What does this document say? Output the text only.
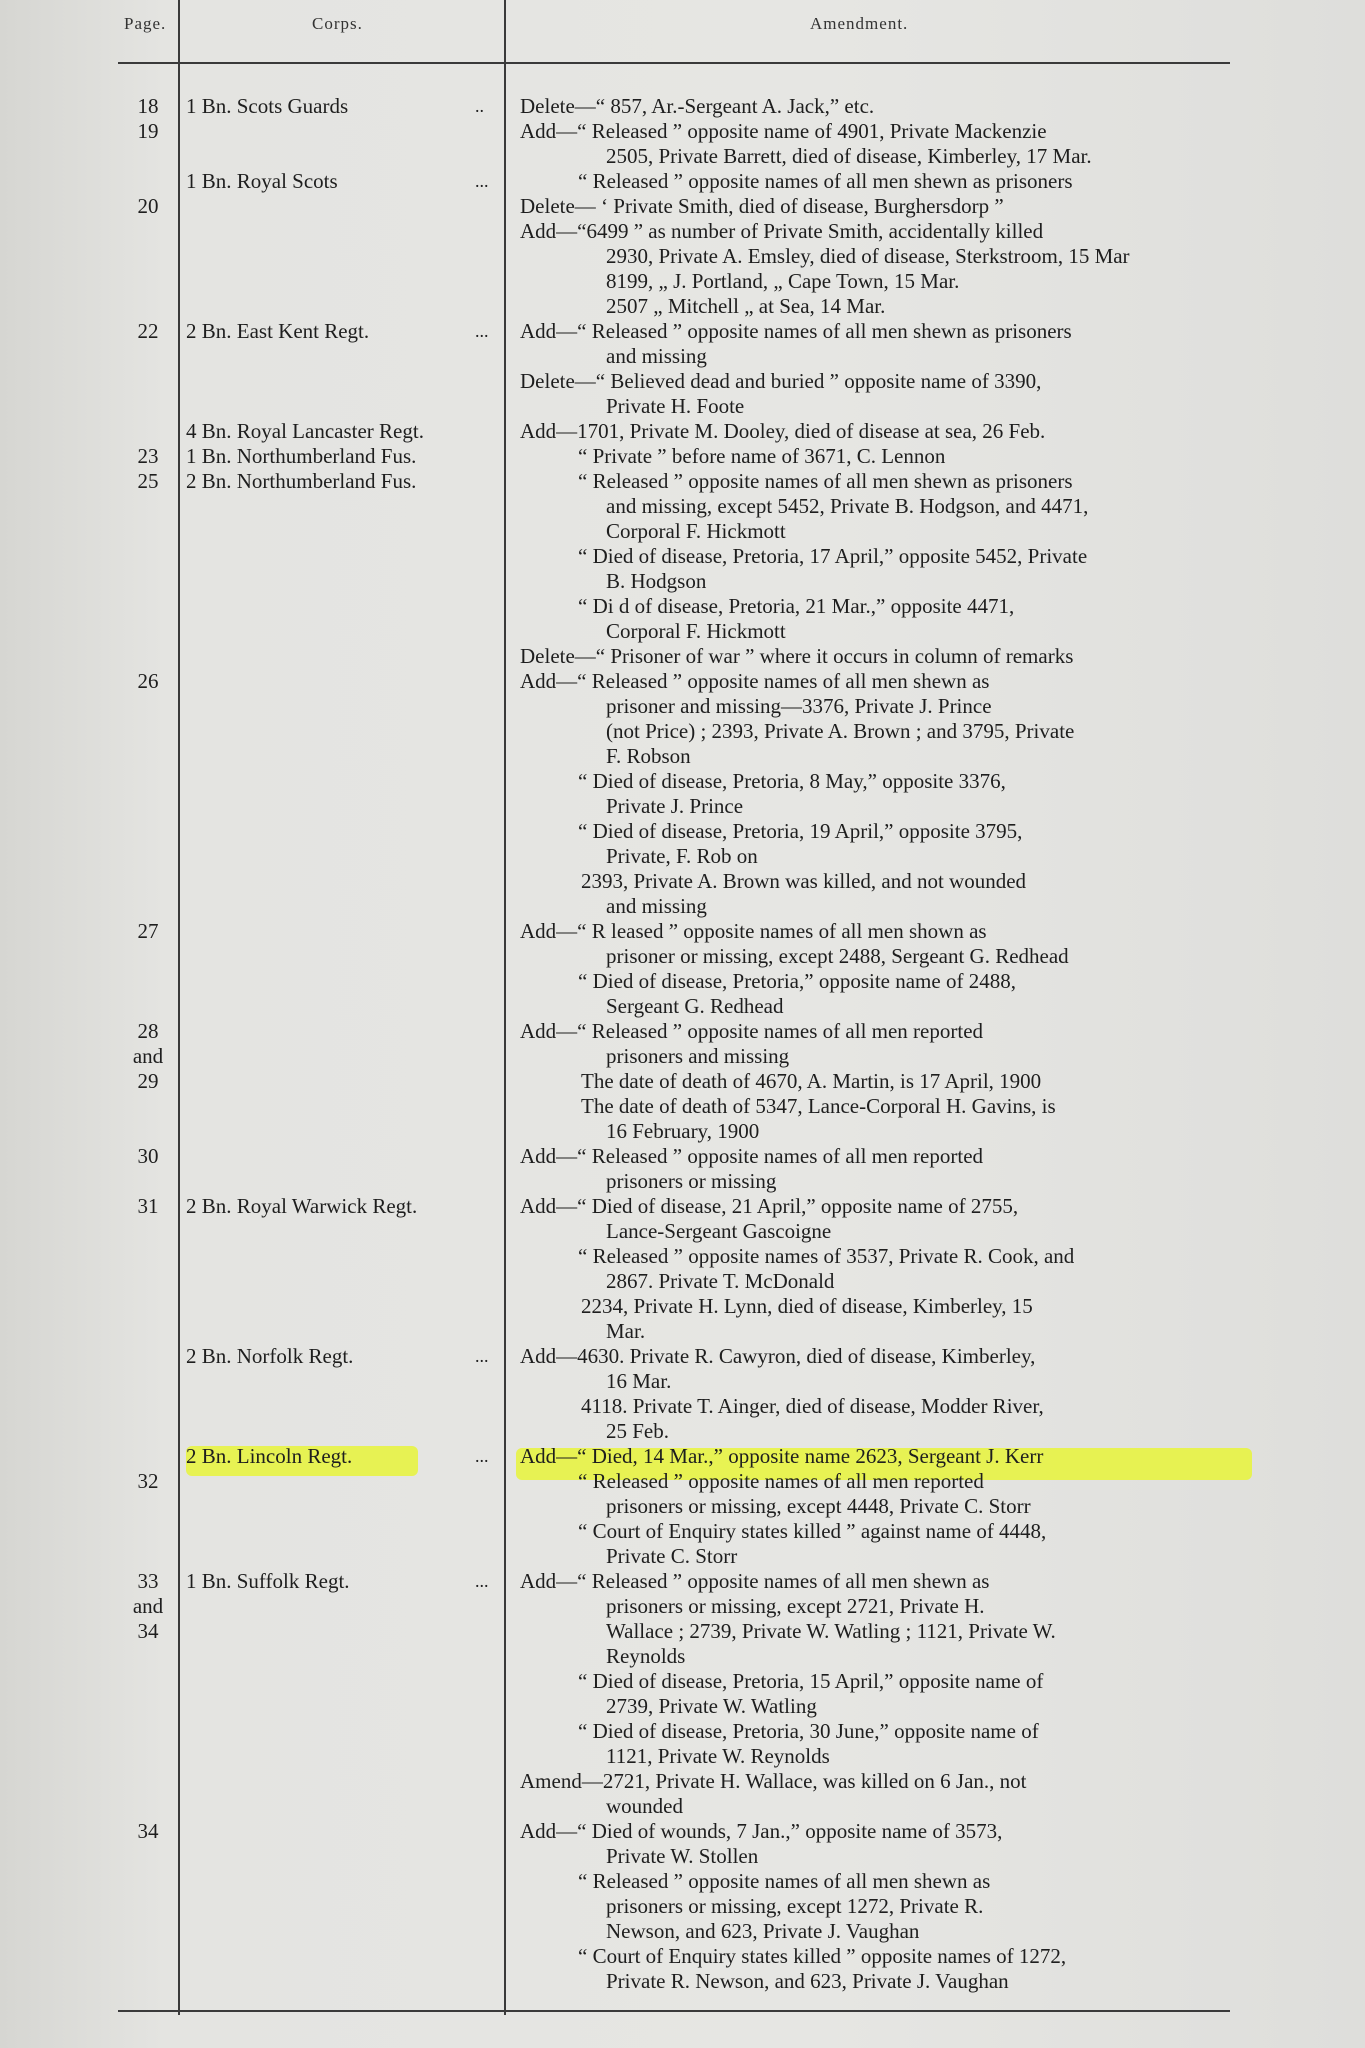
Page.	Corps.	Amendment.
18
19
20
22
23
25
26
27
28
and
29
30
31
32
33
and
34
34
1 Bn. Scots Guards
1 Bn. Royal Scots
2 Bn. East Kent Regt.
4 Bn. Royal Lancaster Regt.
1 Bn. Northumberland Fus.
2 Bn. Northumberland Fus.
2 Bn. Royal Warwick Regt.
2 Bn. Norfolk Regt.
2 Bn. Lincoln Regt.
1 Bn. Suffolk Regt.
..
...
...
...
...
...
Delete—“ 857, Ar.-Sergeant A. Jack,” etc.
Add—“ Released ” opposite name of 4901, Private Mackenzie
2505, Private Barrett, died of disease, Kimberley, 17 Mar.
“ Released ” opposite names of all men shewn as prisoners
Delete— ‘ Private Smith, died of disease, Burghersdorp ”
Add—“6499 ” as number of Private Smith, accidentally killed
2930, Private A. Emsley, died of disease, Sterkstroom, 15 Mar
8199, „ J. Portland, „ Cape Town, 15 Mar.
2507 „ Mitchell „ at Sea, 14 Mar.
Add—“ Released ” opposite names of all men shewn as prisoners
and missing
Delete—“ Believed dead and buried ” opposite name of 3390,
Private H. Foote
Add—1701, Private M. Dooley, died of disease at sea, 26 Feb.
“ Private ” before name of 3671, C. Lennon
“ Released ” opposite names of all men shewn as prisoners
and missing, except 5452, Private B. Hodgson, and 4471,
Corporal F. Hickmott
“ Died of disease, Pretoria, 17 April,” opposite 5452, Private
B. Hodgson
“ Di d of disease, Pretoria, 21 Mar.,” opposite 4471,
Corporal F. Hickmott
Delete—“ Prisoner of war ” where it occurs in column of remarks
Add—“ Released ” opposite names of all men shewn as
prisoner and missing—3376, Private J. Prince
(not Price) ; 2393, Private A. Brown ; and 3795, Private
F. Robson
“ Died of disease, Pretoria, 8 May,” opposite 3376,
Private J. Prince
“ Died of disease, Pretoria, 19 April,” opposite 3795,
Private, F. Rob on
2393, Private A. Brown was killed, and not wounded
and missing
Add—“ R leased ” opposite names of all men shown as
prisoner or missing, except 2488, Sergeant G. Redhead
“ Died of disease, Pretoria,” opposite name of 2488,
Sergeant G. Redhead
Add—“ Released ” opposite names of all men reported
prisoners and missing
The date of death of 4670, A. Martin, is 17 April, 1900
The date of death of 5347, Lance-Corporal H. Gavins, is
16 February, 1900
Add—“ Released ” opposite names of all men reported
prisoners or missing
Add—“ Died of disease, 21 April,” opposite name of 2755,
Lance-Sergeant Gascoigne
“ Released ” opposite names of 3537, Private R. Cook, and
2867. Private T. McDonald
2234, Private H. Lynn, died of disease, Kimberley, 15
Mar.
Add—4630. Private R. Cawyron, died of disease, Kimberley,
16 Mar.
4118. Private T. Ainger, died of disease, Modder River,
25 Feb.
Add—“ Died, 14 Mar.,” opposite name 2623, Sergeant J. Kerr
“ Released ” opposite names of all men reported
prisoners or missing, except 4448, Private C. Storr
“ Court of Enquiry states killed ” against name of 4448,
Private C. Storr
Add—“ Released ” opposite names of all men shewn as
prisoners or missing, except 2721, Private H.
Wallace ; 2739, Private W. Watling ; 1121, Private W.
Reynolds
“ Died of disease, Pretoria, 15 April,” opposite name of
2739, Private W. Watling
“ Died of disease, Pretoria, 30 June,” opposite name of
1121, Private W. Reynolds
Amend—2721, Private H. Wallace, was killed on 6 Jan., not
wounded
Add—“ Died of wounds, 7 Jan.,” opposite name of 3573,
Private W. Stollen
“ Released ” opposite names of all men shewn as
prisoners or missing, except 1272, Private R.
Newson, and 623, Private J. Vaughan
“ Court of Enquiry states killed ” opposite names of 1272,
Private R. Newson, and 623, Private J. Vaughan
